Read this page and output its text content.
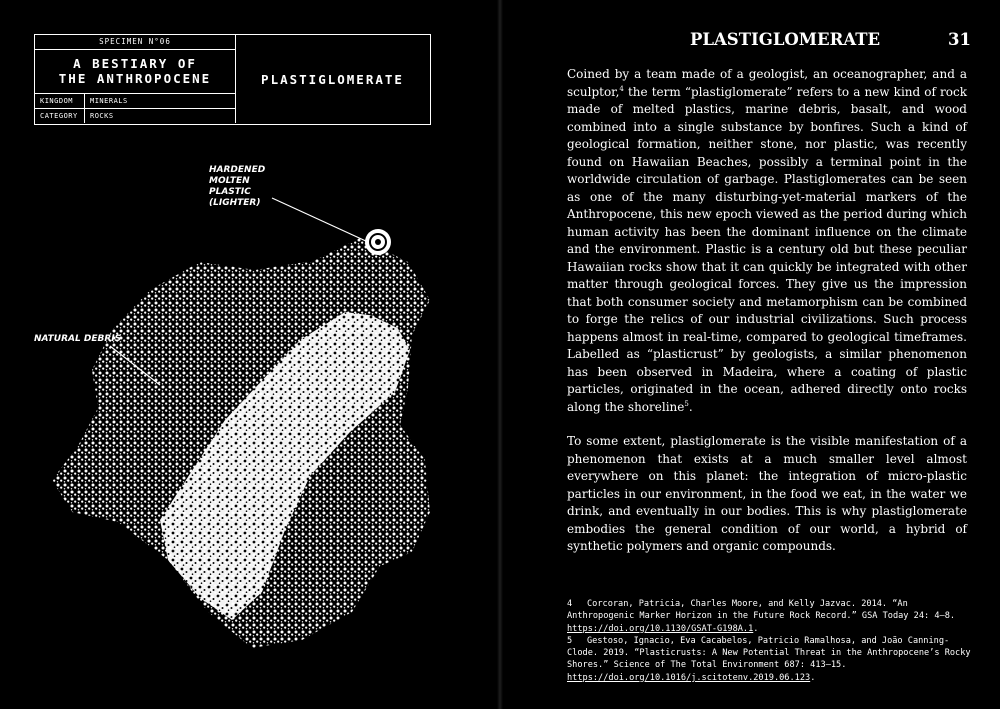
SPECIMEN N°06
A BESTIARY OF
THE ANTHROPOCENE
KINGDOM	MINERALS
CATEGORY	ROCKS
PLASTIGLOMERATE
HARDENED
MOLTEN
PLASTIC
(LIGHTER)
NATURAL DEBRIS
PLASTIGLOMERATE	31

Coined by a team made of a geologist, an oceanographer, and a sculptor,$^4$ the term “plastiglomerate” refers to a new kind of rock made of melted plastics, marine debris, basalt, and wood combined into a single substance by bonfires. Such a kind of geological formation, neither stone, nor plastic, was recently found on Hawaiian Beaches, possibly a terminal point in the worldwide circulation of garbage. Plastiglomerates can be seen as one of the many disturbing-yet-material markers of the Anthropocene, this new epoch viewed as the period during which human activity has been the dominant influence on the climate and the environment. Plastic is a century old but these peculiar Hawaiian rocks show that it can quickly be integrated with other matter through geological forces. They give us the impression that both consumer society and metamorphism can be combined to forge the relics of our industrial civilizations. Such process happens almost in real-time, compared to geological timeframes. Labelled as “plasticrust” by geologists, a similar phenomenon has been observed in Madeira, where a coating of plastic particles, originated in the ocean, adhered directly onto rocks along the shoreline$^5$.

To some extent, plastiglomerate is the visible manifestation of a phenomenon that exists at a much smaller level almost everywhere on this planet: the integration of micro-plastic particles in our environment, in the food we eat, in the water we drink, and eventually in our bodies. This is why plastiglomerate embodies the general condition of our world, a hybrid of synthetic polymers and organic compounds.

4 Corcoran, Patricia, Charles Moore, and Kelly Jazvac. 2014. “An Anthropogenic Marker Horizon in the Future Rock Record.” GSA Today 24: 4–8. https://doi.org/10.1130/GSAT-G198A.1.
5 Gestoso, Ignacio, Eva Cacabelos, Patricio Ramalhosa, and João Canning-Clode. 2019. “Plasticrusts: A New Potential Threat in the Anthropocene’s Rocky Shores.” Science of The Total Environment 687: 413–15. https://doi.org/10.1016/j.scitotenv.2019.06.123.
